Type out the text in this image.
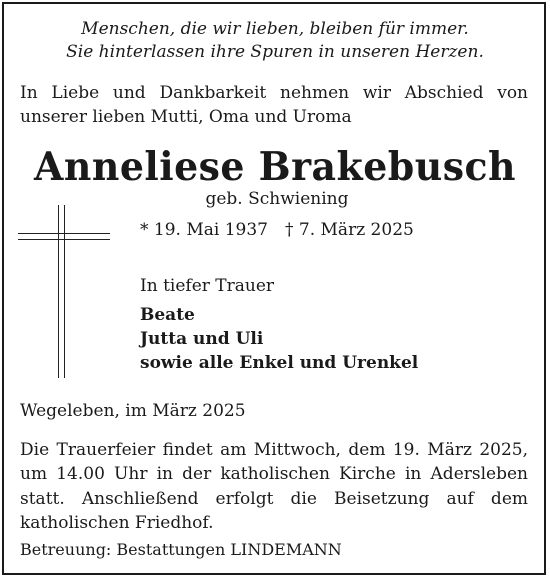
Menschen, die wir lieben, bleiben für immer.
Sie hinterlassen ihre Spuren in unseren Herzen.
In Liebe und Dankbarkeit nehmen wir Abschied von
unserer lieben Mutti, Oma und Uroma
Anneliese Brakebusch
geb. Schwiening
* 19. Mai 1937 † 7. März 2025
In tiefer Trauer
Beate
Jutta und Uli
sowie alle Enkel und Urenkel
Wegeleben, im März 2025
Die Trauerfeier findet am Mittwoch, dem 19. März 2025,
um 14.00 Uhr in der katholischen Kirche in Adersleben
statt. Anschließend erfolgt die Beisetzung auf dem
katholischen Friedhof.
Betreuung: Bestattungen LINDEMANN
